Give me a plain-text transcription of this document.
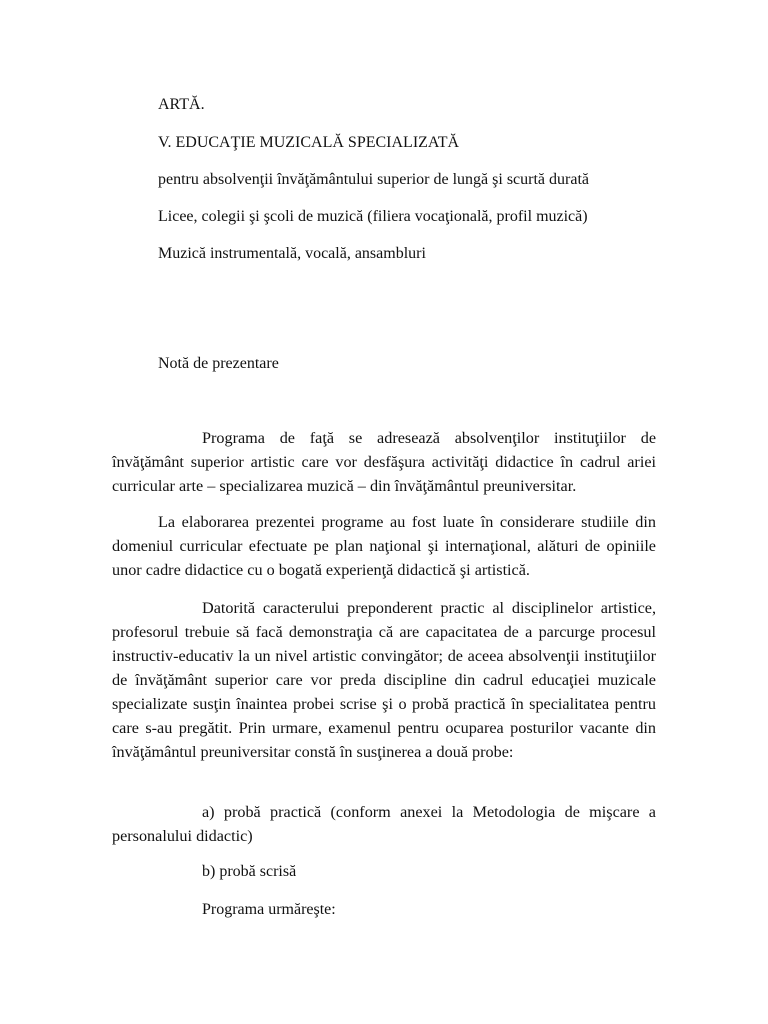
ARTĂ.
V. EDUCAŢIE MUZICALĂ SPECIALIZATĂ
pentru absolvenţii învăţământului superior de lungă şi scurtă durată
Licee, colegii şi şcoli de muzică (filiera vocaţională, profil muzică)
Muzică instrumentală, vocală, ansambluri
Notă de prezentare
Programa de faţă se adresează absolvenţilor instituţiilor de învăţământ superior artistic care vor desfăşura activităţi didactice în cadrul ariei curricular arte – specializarea muzică – din învăţământul preuniversitar.
La elaborarea prezentei programe au fost luate în considerare studiile din domeniul curricular efectuate pe plan naţional şi internaţional, alături de opiniile unor cadre didactice cu o bogată experienţă didactică şi artistică.
Datorită caracterului preponderent practic al disciplinelor artistice, profesorul trebuie să facă demonstraţia că are capacitatea de a parcurge procesul instructiv-educativ la un nivel artistic convingător; de aceea absolvenţii instituţiilor de învăţământ superior care vor preda discipline din cadrul educaţiei muzicale specializate susţin înaintea probei scrise şi o probă practică în specialitatea pentru care s-au pregătit. Prin urmare, examenul pentru ocuparea posturilor vacante din învăţământul preuniversitar constă în susţinerea a două probe:
a) probă practică (conform anexei la Metodologia de mişcare a personalului didactic)
b) probă scrisă
Programa urmăreşte:
